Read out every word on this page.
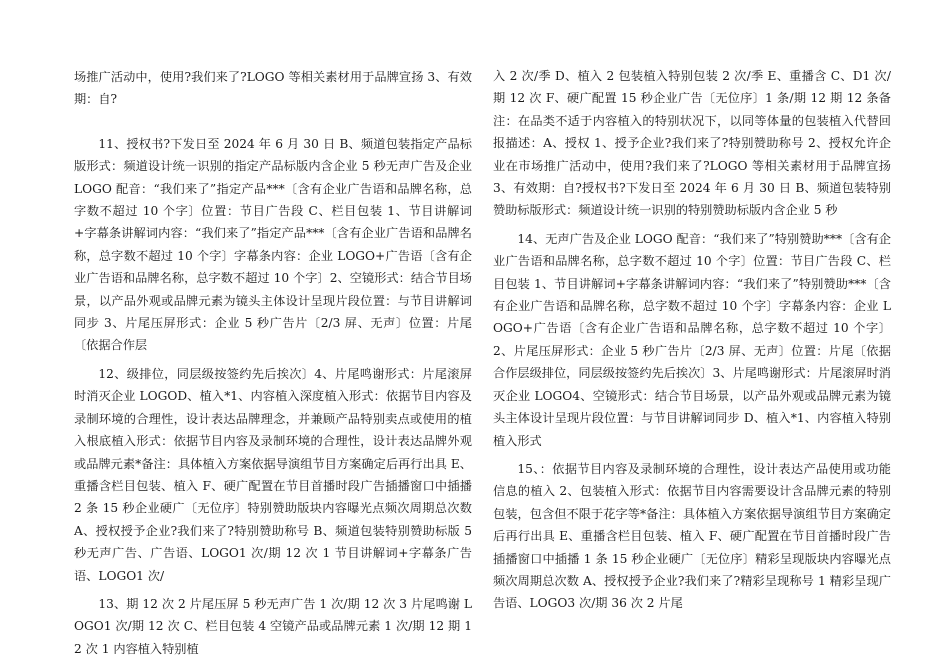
场推广活动中，使用?我们来了?LOGO 等相关素材用于品牌宣扬 3、有效期：自?

11、授权书?下发日至 2024 年 6 月 30 日 B、频道包装指定产品标版形式：频道设计统一识别的指定产品标版内含企业 5 秒无声广告及企业 LOGO 配音：“我们来了”指定产品***〔含有企业广告语和品牌名称，总字数不超过 10 个字〕位置：节目广告段 C、栏目包装 1、节目讲解词+字幕条讲解词内容：“我们来了”指定产品***〔含有企业广告语和品牌名称，总字数不超过 10 个字〕字幕条内容：企业 LOGO+广告语〔含有企业广告语和品牌名称，总字数不超过 10 个字〕2、空镜形式：结合节目场景，以产品外观或品牌元素为镜头主体设计呈现片段位置：与节目讲解词同步 3、片尾压屏形式：企业 5 秒广告片〔2/3 屏、无声〕位置：片尾〔依据合作层

12、级排位，同层级按签约先后挨次〕4、片尾鸣谢形式：片尾滚屏时消灭企业 LOGOD、植入*1、内容植入深度植入形式：依据节目内容及录制环境的合理性，设计表达品牌理念，并兼顾产品特别卖点或使用的植入根底植入形式：依据节目内容及录制环境的合理性，设计表达品牌外观或品牌元素*备注：具体植入方案依据导演组节目方案确定后再行出具 E、重播含栏目包装、植入 F、硬广配置在节目首播时段广告插播窗口中插播 2 条 15 秒企业硬广〔无位序〕特别赞助版块内容曝光点频次周期总次数 A、授权授予企业?我们来了?特别赞助称号 B、频道包装特别赞助标版 5 秒无声广告、广告语、LOGO1 次/期 12 次 1 节目讲解词+字幕条广告语、LOGO1 次/

13、期 12 次 2 片尾压屏 5 秒无声广告 1 次/期 12 次 3 片尾鸣谢 LOGO1 次/期 12 次 C、栏目包装 4 空镜产品或品牌元素 1 次/期 12 期 12 次 1 内容植入特别植

入 2 次/季 D、植入 2 包装植入特别包装 2 次/季 E、重播含 C、D1 次/期 12 次 F、硬广配置 15 秒企业广告〔无位序〕1 条/期 12 期 12 条备注：在品类不适于内容植入的特别状况下，以同等体量的包装植入代替回报描述：A、授权 1、授予企业?我们来了?特别赞助称号 2、授权允许企业在市场推广活动中，使用?我们来了?LOGO 等相关素材用于品牌宣扬 3、有效期：自?授权书?下发日至 2024 年 6 月 30 日 B、频道包装特别赞助标版形式：频道设计统一识别的特别赞助标版内含企业 5 秒

14、无声广告及企业 LOGO 配音：“我们来了”特别赞助***〔含有企业广告语和品牌名称，总字数不超过 10 个字〕位置：节目广告段 C、栏目包装 1、节目讲解词+字幕条讲解词内容：“我们来了”特别赞助***〔含有企业广告语和品牌名称，总字数不超过 10 个字〕字幕条内容：企业 LOGO+广告语〔含有企业广告语和品牌名称，总字数不超过 10 个字〕2、片尾压屏形式：企业 5 秒广告片〔2/3 屏、无声〕位置：片尾〔依据合作层级排位，同层级按签约先后挨次〕3、片尾鸣谢形式：片尾滚屏时消灭企业 LOGO4、空镜形式：结合节目场景，以产品外观或品牌元素为镜头主体设计呈现片段位置：与节目讲解词同步 D、植入*1、内容植入特别植入形式

15、：依据节目内容及录制环境的合理性，设计表达产品使用或功能信息的植入 2、包装植入形式：依据节目内容需要设计含品牌元素的特别包装，包含但不限于花字等*备注：具体植入方案依据导演组节目方案确定后再行出具 E、重播含栏目包装、植入 F、硬广配置在节目首播时段广告插播窗口中插播 1 条 15 秒企业硬广〔无位序〕精彩呈现版块内容曝光点频次周期总次数 A、授权授予企业?我们来了?精彩呈现称号 1 精彩呈现广告语、LOGO3 次/期 36 次 2 片尾
